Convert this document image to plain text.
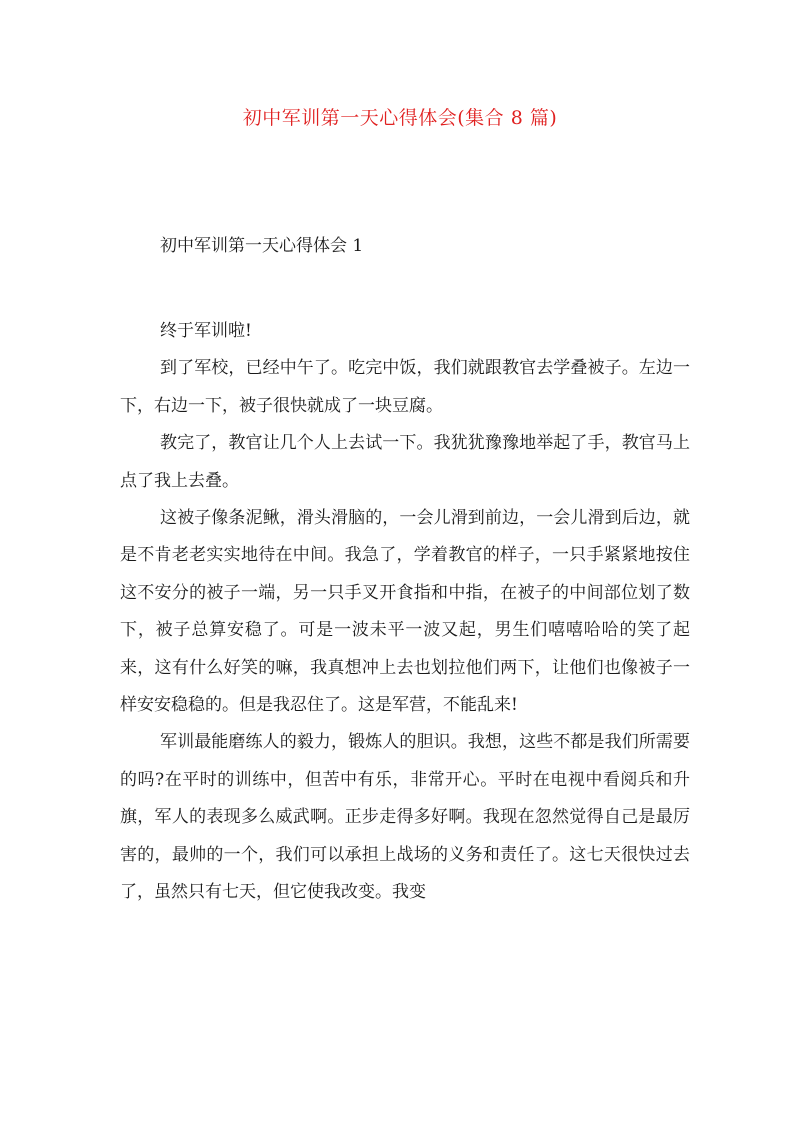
初中军训第一天心得体会(集合 8 篇)
初中军训第一天心得体会 1

终于军训啦!

到了军校，已经中午了。吃完中饭，我们就跟教官去学叠被子。左边一下，右边一下，被子很快就成了一块豆腐。

教完了，教官让几个人上去试一下。我犹犹豫豫地举起了手，教官马上点了我上去叠。

这被子像条泥鳅，滑头滑脑的，一会儿滑到前边，一会儿滑到后边，就是不肯老老实实地待在中间。我急了，学着教官的样子，一只手紧紧地按住这不安分的被子一端，另一只手叉开食指和中指，在被子的中间部位划了数下，被子总算安稳了。可是一波未平一波又起，男生们嘻嘻哈哈的笑了起来，这有什么好笑的嘛，我真想冲上去也划拉他们两下，让他们也像被子一样安安稳稳的。但是我忍住了。这是军营，不能乱来!

军训最能磨练人的毅力，锻炼人的胆识。我想，这些不都是我们所需要的吗?在平时的训练中，但苦中有乐，非常开心。平时在电视中看阅兵和升旗，军人的表现多么威武啊。正步走得多好啊。我现在忽然觉得自己是最厉害的，最帅的一个，我们可以承担上战场的义务和责任了。这七天很快过去了，虽然只有七天，但它使我改变。我变
